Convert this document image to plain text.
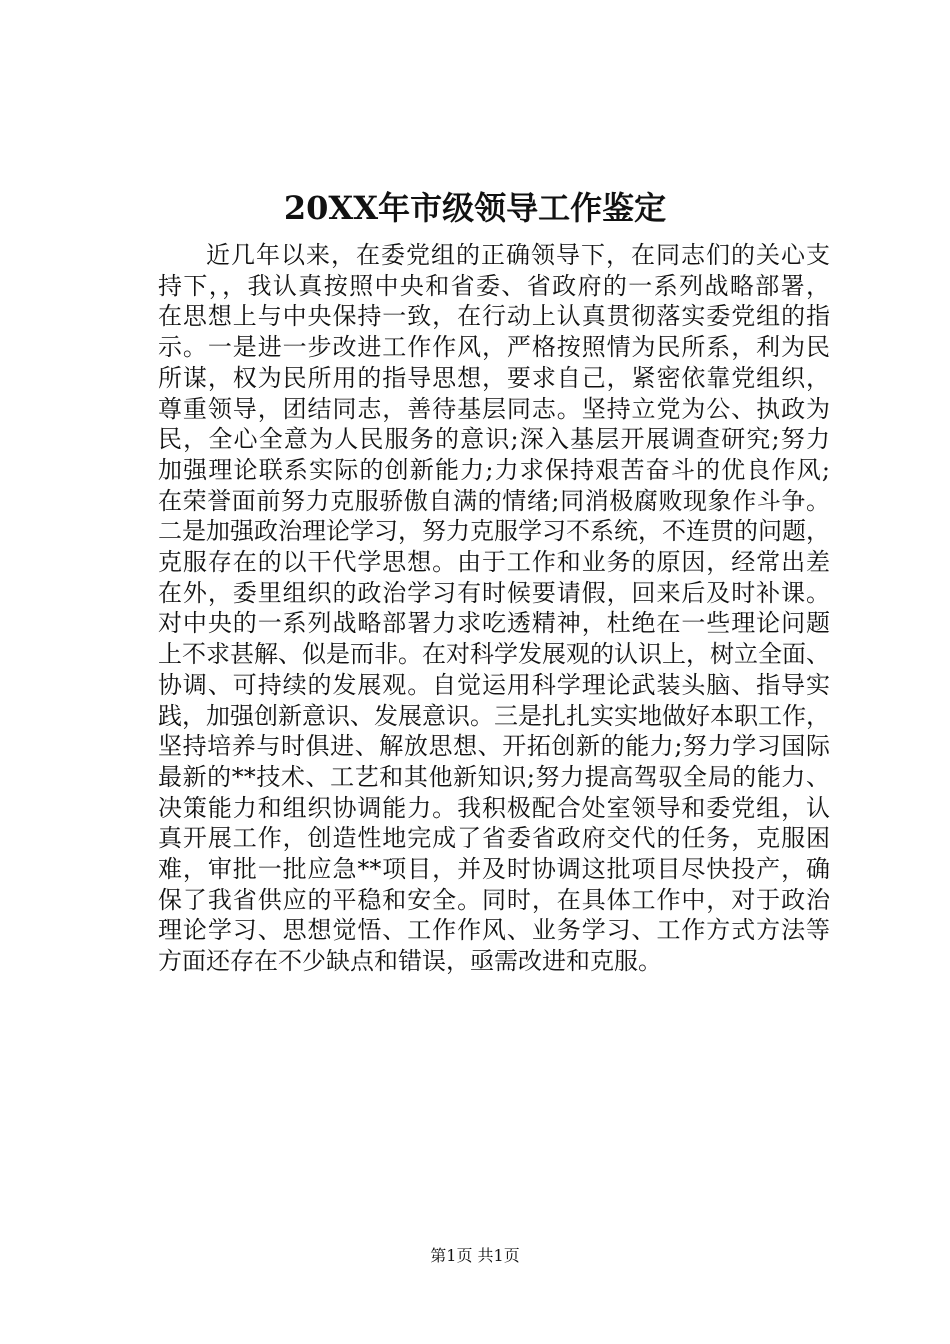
20XX年市级领导工作鉴定
近几年以来，在委党组的正确领导下，在同志们的关心支
持下，，我认真按照中央和省委、省政府的一系列战略部署，
在思想上与中央保持一致，在行动上认真贯彻落实委党组的指
示。一是进一步改进工作作风，严格按照情为民所系，利为民
所谋，权为民所用的指导思想，要求自己，紧密依靠党组织，
尊重领导，团结同志，善待基层同志。坚持立党为公、执政为
民，全心全意为人民服务的意识;深入基层开展调查研究;努力
加强理论联系实际的创新能力;力求保持艰苦奋斗的优良作风;
在荣誉面前努力克服骄傲自满的情绪;同消极腐败现象作斗争。
二是加强政治理论学习，努力克服学习不系统，不连贯的问题，
克服存在的以干代学思想。由于工作和业务的原因，经常出差
在外，委里组织的政治学习有时候要请假，回来后及时补课。
对中央的一系列战略部署力求吃透精神，杜绝在一些理论问题
上不求甚解、似是而非。在对科学发展观的认识上，树立全面、
协调、可持续的发展观。自觉运用科学理论武装头脑、指导实
践，加强创新意识、发展意识。三是扎扎实实地做好本职工作，
坚持培养与时俱进、解放思想、开拓创新的能力;努力学习国际
最新的**技术、工艺和其他新知识;努力提高驾驭全局的能力、
决策能力和组织协调能力。我积极配合处室领导和委党组，认
真开展工作，创造性地完成了省委省政府交代的任务，克服困
难，审批一批应急**项目，并及时协调这批项目尽快投产，确
保了我省供应的平稳和安全。同时，在具体工作中，对于政治
理论学习、思想觉悟、工作作风、业务学习、工作方式方法等
方面还存在不少缺点和错误，亟需改进和克服。
第1页 共1页
